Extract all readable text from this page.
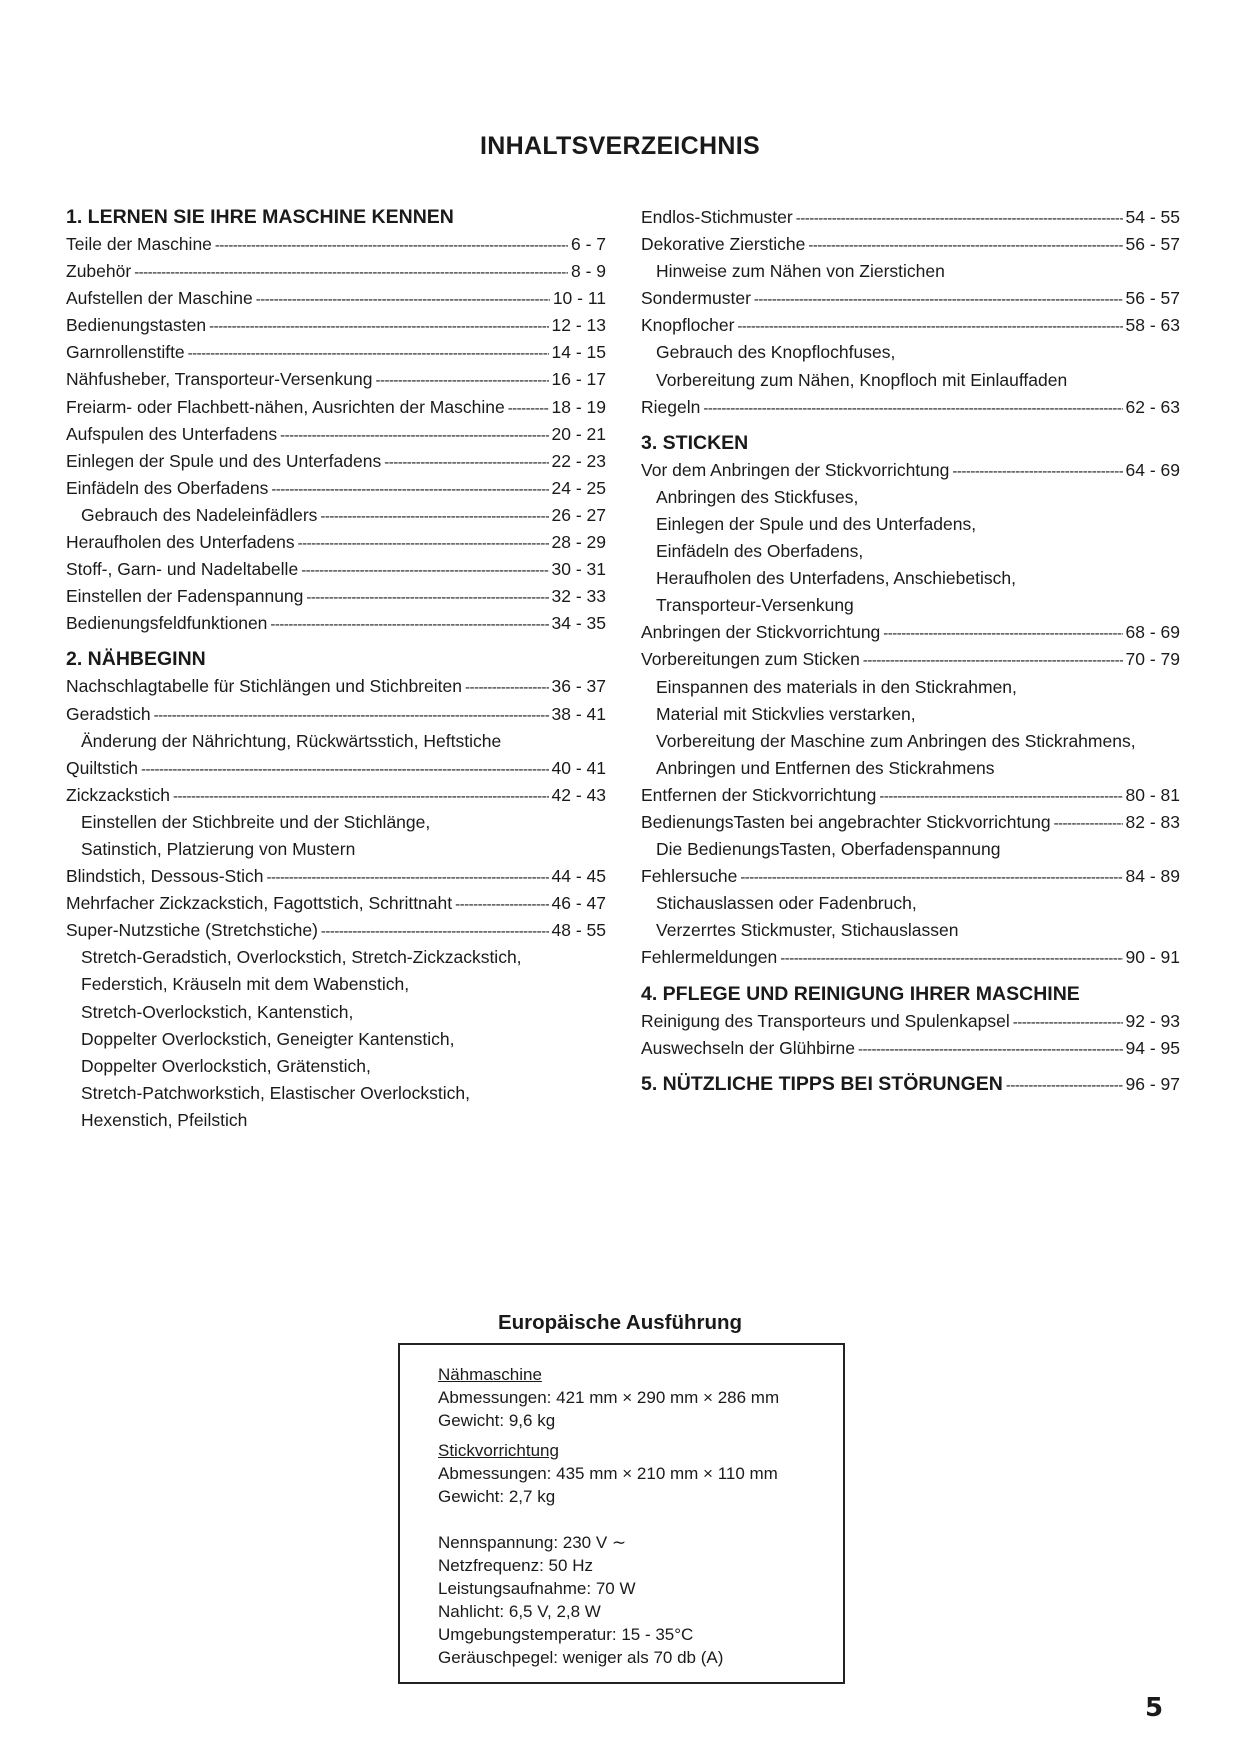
INHALTSVERZEICHNIS
1. LERNEN SIE IHRE MASCHINE KENNEN
Teile der Maschine -----	6 - 7
Zubehör -----	8 - 9
Aufstellen der Maschine -----	10 - 11
Bedienungstasten -----	12 - 13
Garnrollenstifte -----	14 - 15
Nähfusheber, Transporteur-Versenkung -----	16 - 17
Freiarm- oder Flachbett-nähen, Ausrichten der Maschine -----	18 - 19
Aufspulen des Unterfadens -----	20 - 21
Einlegen der Spule und des Unterfadens -----	22 - 23
Einfädeln des Oberfadens -----	24 - 25
Gebrauch des Nadeleinfädlers -----	26 - 27
Heraufholen des Unterfadens -----	28 - 29
Stoff-, Garn- und Nadeltabelle -----	30 - 31
Einstellen der Fadenspannung -----	32 - 33
Bedienungsfeldfunktionen -----	34 - 35
2. NÄHBEGINN
Nachschlagtabelle für Stichlängen und Stichbreiten -----	36 - 37
Geradstich -----	38 - 41
Änderung der Nährichtung, Rückwärtsstich, Heftstiche
Quiltstich -----	40 - 41
Zickzackstich -----	42 - 43
Einstellen der Stichbreite und der Stichlänge,
Satinstich, Platzierung von Mustern
Blindstich, Dessous-Stich -----	44 - 45
Mehrfacher Zickzackstich, Fagottstich, Schrittnaht -----	46 - 47
Super-Nutzstiche (Stretchstiche) -----	48 - 55
Stretch-Geradstich, Overlockstich, Stretch-Zickzackstich,
Federstich, Kräuseln mit dem Wabenstich,
Stretch-Overlockstich, Kantenstich,
Doppelter Overlockstich, Geneigter Kantenstich,
Doppelter Overlockstich, Grätenstich,
Stretch-Patchworkstich, Elastischer Overlockstich,
Hexenstich, Pfeilstich
Endlos-Stichmuster -----	54 - 55
Dekorative Zierstiche -----	56 - 57
Hinweise zum Nähen von Zierstichen
Sondermuster -----	56 - 57
Knopflocher -----	58 - 63
Gebrauch des Knopflochfuses,
Vorbereitung zum Nähen, Knopfloch mit Einlauffaden
Riegeln -----	62 - 63
3. STICKEN
Vor dem Anbringen der Stickvorrichtung -----	64 - 69
Anbringen des Stickfuses,
Einlegen der Spule und des Unterfadens,
Einfädeln des Oberfadens,
Heraufholen des Unterfadens, Anschiebetisch,
Transporteur-Versenkung
Anbringen der Stickvorrichtung -----	68 - 69
Vorbereitungen zum Sticken -----	70 - 79
Einspannen des materials in den Stickrahmen,
Material mit Stickvlies verstarken,
Vorbereitung der Maschine zum Anbringen des Stickrahmens,
Anbringen und Entfernen des Stickrahmens
Entfernen der Stickvorrichtung -----	80 - 81
BedienungsTasten bei angebrachter Stickvorrichtung -----	82 - 83
Die BedienungsTasten, Oberfadenspannung
Fehlersuche -----	84 - 89
Stichauslassen oder Fadenbruch,
Verzerrtes Stickmuster, Stichauslassen
Fehlermeldungen -----	90 - 91
4. PFLEGE UND REINIGUNG IHRER MASCHINE
Reinigung des Transporteurs und Spulenkapsel -----	92 - 93
Auswechseln der Glühbirne -----	94 - 95
5. NÜTZLICHE TIPPS BEI STÖRUNGEN -----	96 - 97
Europäische Ausführung
Nähmaschine
Abmessungen: 421 mm × 290 mm × 286 mm
Gewicht: 9,6 kg
Stickvorrichtung
Abmessungen: 435 mm × 210 mm × 110 mm
Gewicht: 2,7 kg
Nennspannung: 230 V ∼
Netzfrequenz: 50 Hz
Leistungsaufnahme: 70 W
Nahlicht: 6,5 V, 2,8 W
Umgebungstemperatur: 15 - 35°C
Geräuschpegel: weniger als 70 db (A)
5
